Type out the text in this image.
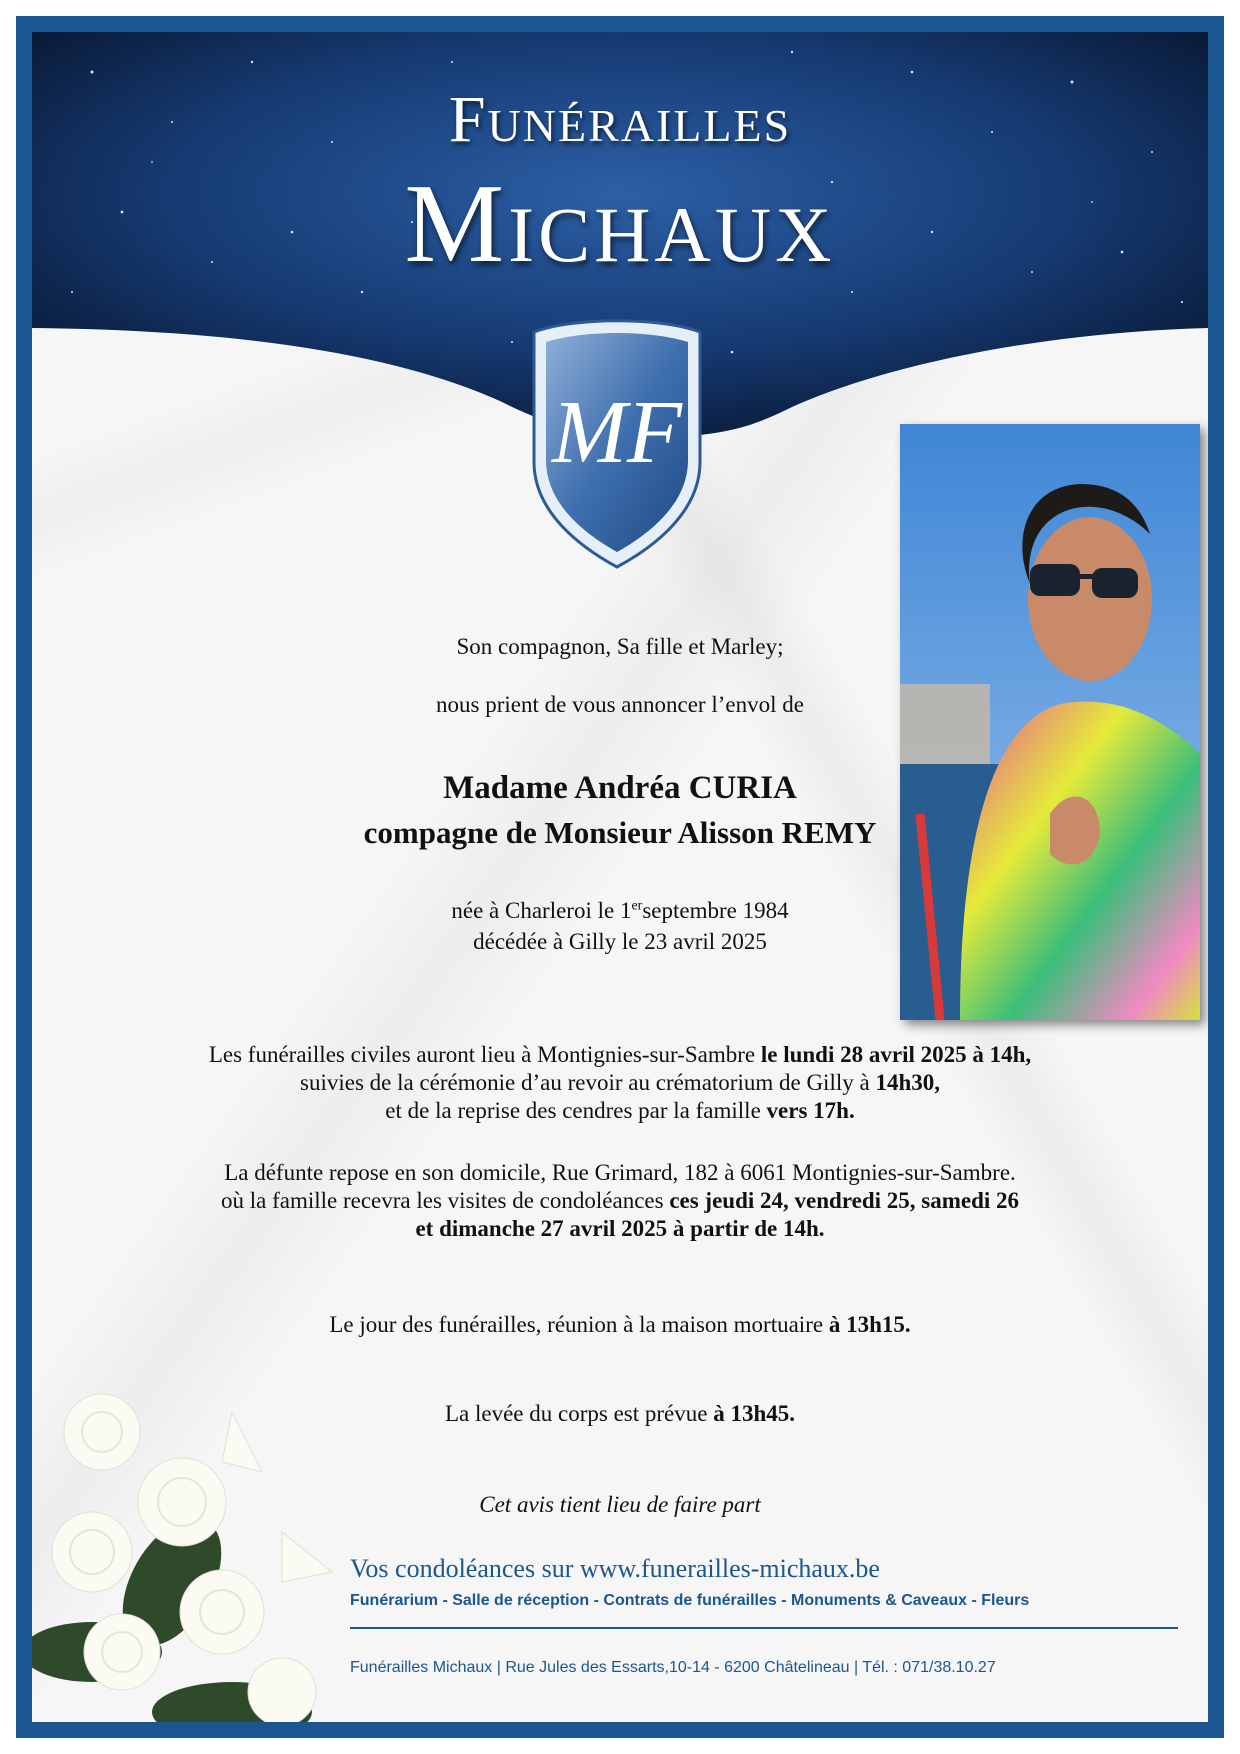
Funérailles
Michaux
MF
Son compagnon, Sa fille et Marley;
nous prient de vous annoncer l’envol de
Madame Andréa CURIA
compagne de Monsieur Alisson REMY
née à Charleroi le 1erseptembre 1984
décédée à Gilly le 23 avril 2025
Les funérailles civiles auront lieu à Montignies-sur-Sambre le lundi 28 avril 2025 à 14h,
suivies de la cérémonie d’au revoir au crématorium de Gilly à 14h30,
et de la reprise des cendres par la famille vers 17h.
La défunte repose en son domicile, Rue Grimard, 182 à 6061 Montignies-sur-Sambre.
où la famille recevra les visites de condoléances ces jeudi 24, vendredi 25, samedi 26
et dimanche 27 avril 2025 à partir de 14h.
Le jour des funérailles, réunion à la maison mortuaire à 13h15.
La levée du corps est prévue à 13h45.
Cet avis tient lieu de faire part
Vos condoléances sur www.funerailles-michaux.be
Funérarium - Salle de réception - Contrats de funérailles - Monuments & Caveaux - Fleurs
Funérailles Michaux | Rue Jules des Essarts,10-14 - 6200 Châtelineau | Tél. : 071/38.10.27
